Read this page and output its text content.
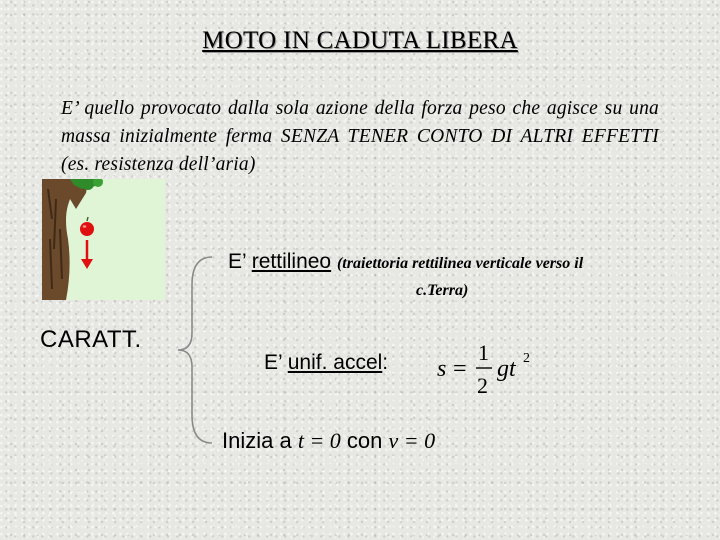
MOTO IN CADUTA LIBERA

E’ quello provocato dalla sola azione della forza peso che agisce su una massa inizialmente ferma SENZA TENER CONTO DI ALTRI EFFETTI (es. resistenza dell’aria)

CARATT.
E’ rettilineo (traiettoria rettilinea verticale verso il
c.Terra)
E’ unif. accel: s =
1
2
gt 2
Inizia a t = 0 con v = 0
